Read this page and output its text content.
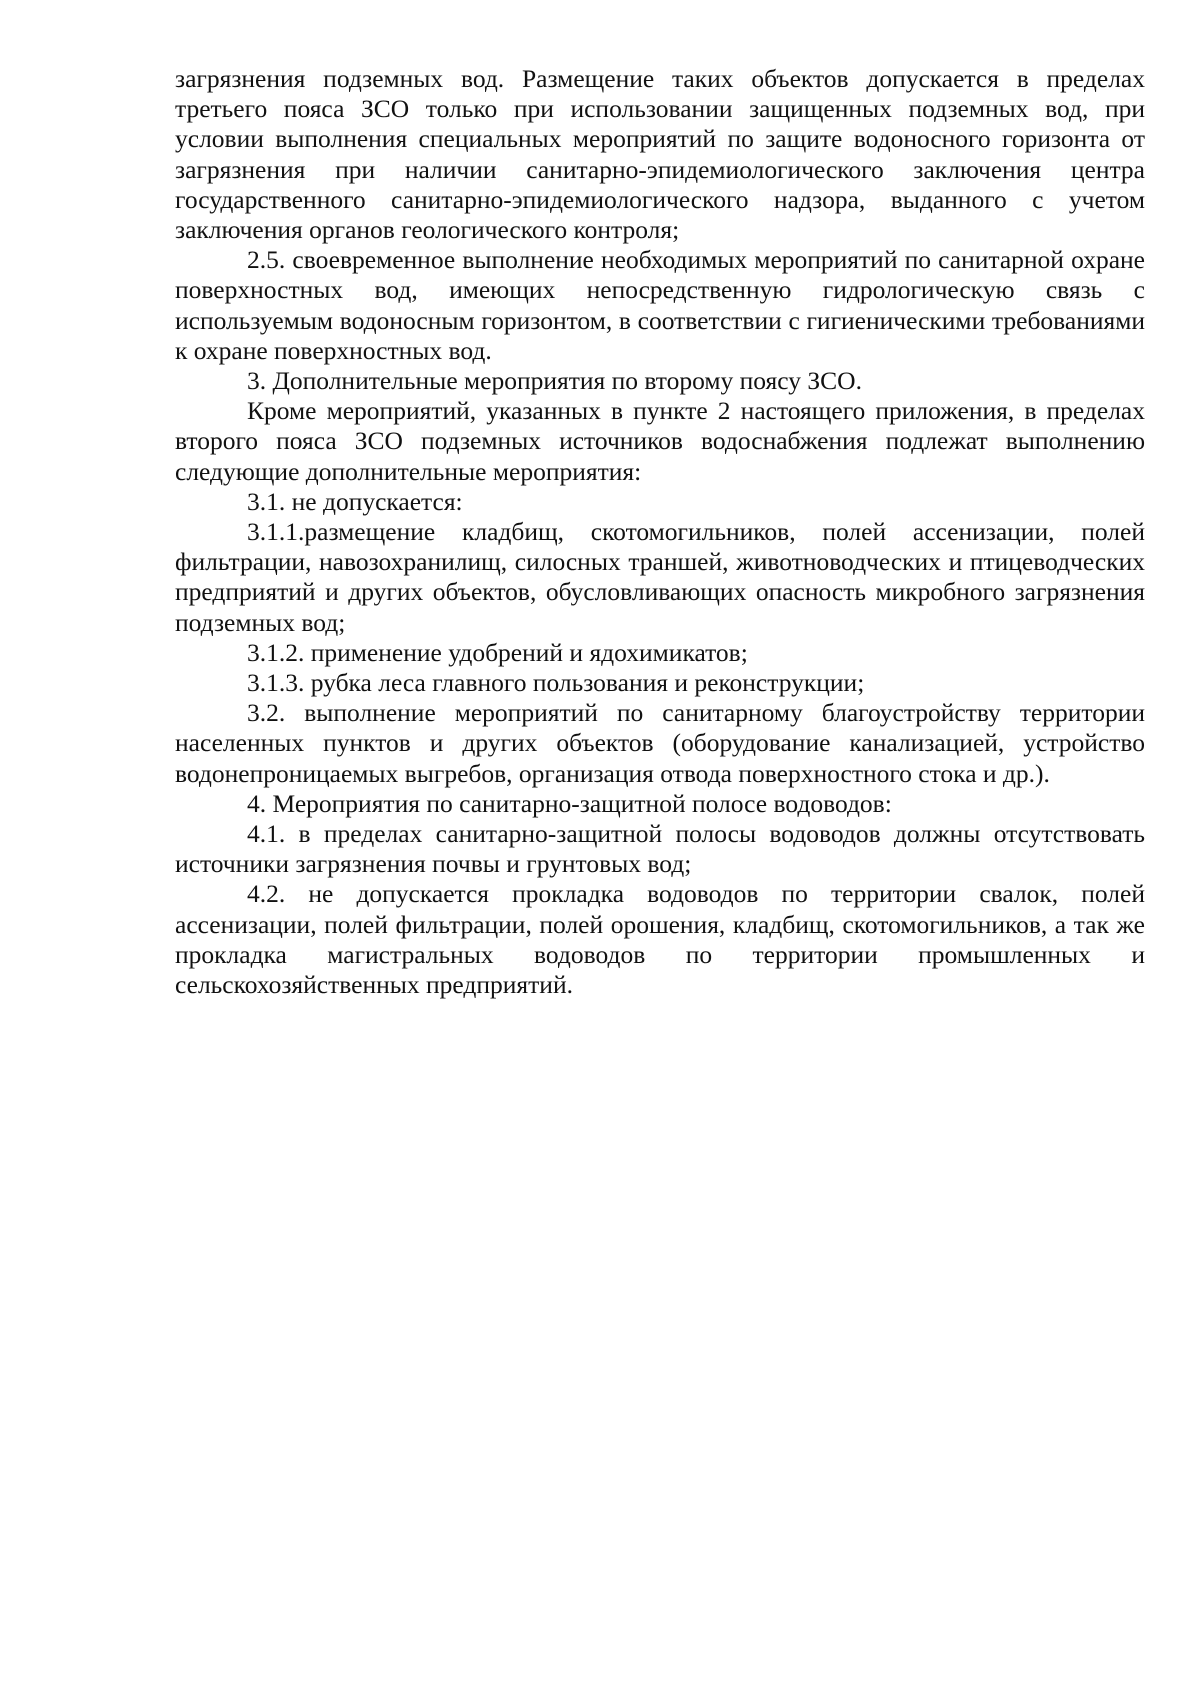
загрязнения подземных вод. Размещение таких объектов допускается в пределах третьего пояса ЗСО только при использовании защищенных подземных вод, при условии выполнения специальных мероприятий по защите водоносного горизонта от загрязнения при наличии санитарно-эпидемиологического заключения центра государственного санитарно-эпидемиологического надзора, выданного с учетом заключения органов геологического контроля;

2.5. своевременное выполнение необходимых мероприятий по санитарной охране поверхностных вод, имеющих непосредственную гидрологическую связь с используемым водоносным горизонтом, в соответствии с гигиеническими требованиями к охране поверхностных вод.

3. Дополнительные мероприятия по второму поясу ЗСО.

Кроме мероприятий, указанных в пункте 2 настоящего приложения, в пределах второго пояса ЗСО подземных источников водоснабжения подлежат выполнению следующие дополнительные мероприятия:

3.1. не допускается:

3.1.1.размещение кладбищ, скотомогильников, полей ассенизации, полей фильтрации, навозохранилищ, силосных траншей, животноводческих и птицеводческих предприятий и других объектов, обусловливающих опасность микробного загрязнения подземных вод;

3.1.2. применение удобрений и ядохимикатов;

3.1.3. рубка леса главного пользования и реконструкции;

3.2. выполнение мероприятий по санитарному благоустройству территории населенных пунктов и других объектов (оборудование канализацией, устройство водонепроницаемых выгребов, организация отвода поверхностного стока и др.).

4. Мероприятия по санитарно-защитной полосе водоводов:

4.1. в пределах санитарно-защитной полосы водоводов должны отсутствовать источники загрязнения почвы и грунтовых вод;

4.2. не допускается прокладка водоводов по территории свалок, полей ассенизации, полей фильтрации, полей орошения, кладбищ, скотомогильников, а так же прокладка магистральных водоводов по территории промышленных и сельскохозяйственных предприятий.
